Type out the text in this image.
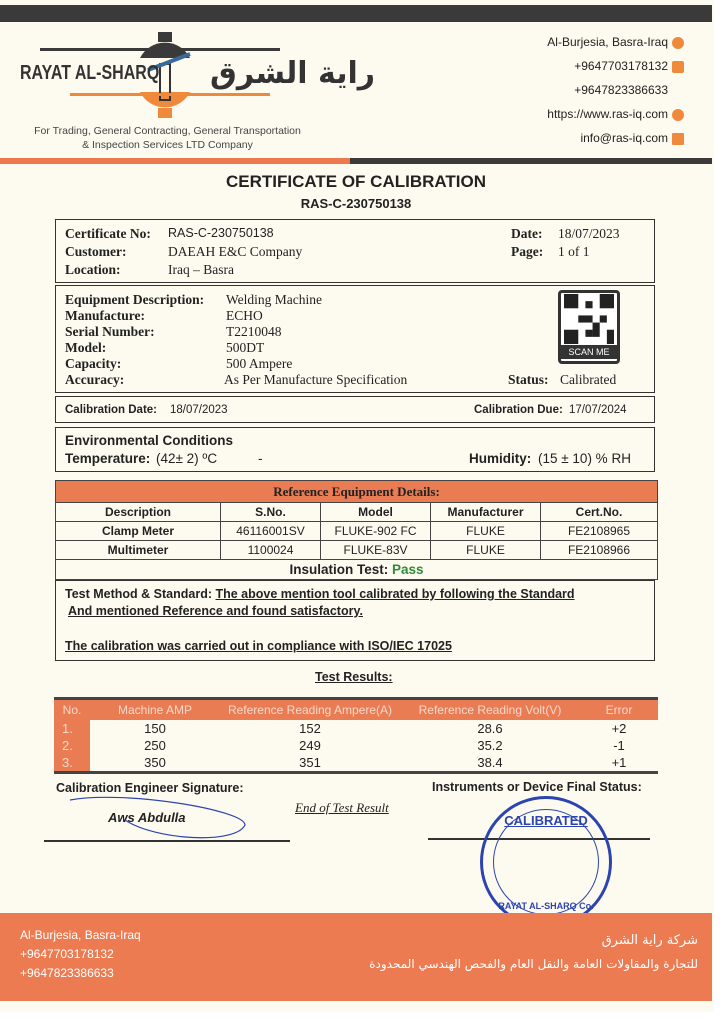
RAYAT AL-SHARQ راية الشرق
For Trading, General Contracting, General Transportation
& Inspection Services LTD Company
Al-Burjesia, Basra-Iraq
+9647703178132
+9647823386633
https://www.ras-iq.com
info@ras-iq.com
CERTIFICATE OF CALIBRATION
RAS-C-230750138
Certificate No: RAS-C-230750138
Customer:	DAEAH E&C Company
Location:	Iraq – Basra
Date: 18/07/2023
Page: 1 of 1
Equipment Description: Welding Machine
Manufacture:	ECHO
Serial Number:	T2210048
Model:	500DT
Capacity:	500 Ampere
Accuracy:	As Per Manufacture Specification
SCAN ME
Status: Calibrated
Calibration Date: 18/07/2023	Calibration Due: 17/07/2024
Environmental Conditions
Temperature: (42± 2) ºC	-	Humidity: (15 ± 10) % RH
Reference Equipment Details:				
Description	S.No.	Model	Manufacturer	Cert.No.
Clamp Meter	46116001SV	FLUKE-902 FC	FLUKE	FE2108965
Multimeter	1100024	FLUKE-83V	FLUKE	FE2108966
Insulation Test: Pass				
Test Method & Standard: The above mention tool calibrated by following the Standard
And mentioned Reference and found satisfactory.
The calibration was carried out in compliance with ISO/IEC 17025
Test Results:
No.	Machine AMP	Reference Reading Ampere(A)	Reference Reading Volt(V)	Error
1.	150	152	28.6	+2
2.	250	249	35.2	-1
3.	350	351	38.4	+1
Calibration Engineer Signature:
Aws Abdulla
End of Test Result
Instruments or Device Final Status:
CALIBRATED
RAYAT AL-SHARQ Co.
Al-Burjesia, Basra-Iraq
+9647703178132
+9647823386633
شركة راية الشرق
للتجارة والمقاولات العامة والنقل العام والفحص الهندسي المحدودة
